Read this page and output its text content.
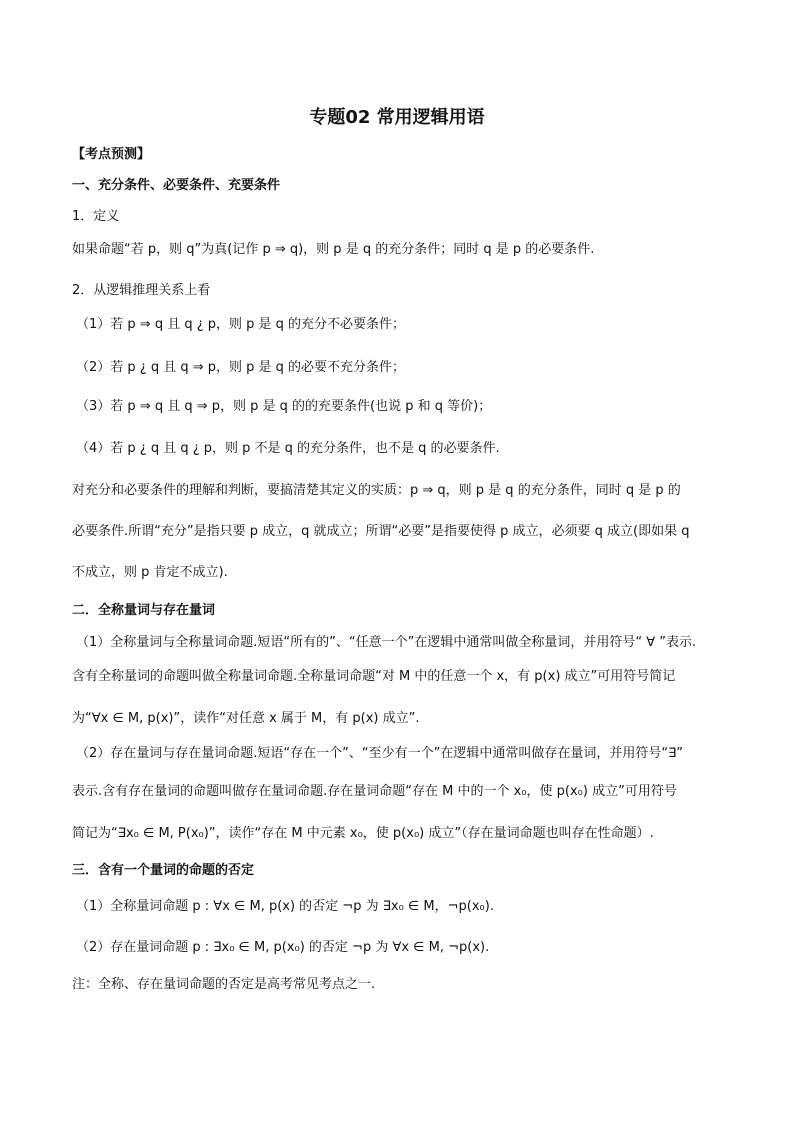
专题02 常用逻辑用语
【考点预测】
一、充分条件、必要条件、充要条件
1．定义
如果命题“若 p，则 q”为真(记作 p ⇒ q)，则 p 是 q 的充分条件；同时 q 是 p 的必要条件.
2．从逻辑推理关系上看
（1）若 p ⇒ q 且 q ¿ p，则 p 是 q 的充分不必要条件；
（2）若 p ¿ q 且 q ⇒ p，则 p 是 q 的必要不充分条件；
（3）若 p ⇒ q 且 q ⇒ p，则 p 是 q 的的充要条件(也说 p 和 q 等价)；
（4）若 p ¿ q 且 q ¿ p，则 p 不是 q 的充分条件，也不是 q 的必要条件.
对充分和必要条件的理解和判断，要搞清楚其定义的实质：p ⇒ q，则 p 是 q 的充分条件，同时 q 是 p 的
必要条件.所谓“充分”是指只要 p 成立，q 就成立；所谓“必要”是指要使得 p 成立，必须要 q 成立(即如果 q
不成立，则 p 肯定不成立).
二．全称量词与存在量词
（1）全称量词与全称量词命题.短语“所有的”、“任意一个”在逻辑中通常叫做全称量词，并用符号“ ∀ ”表示.
含有全称量词的命题叫做全称量词命题.全称量词命题“对 M 中的任意一个 x，有 p(x) 成立”可用符号简记
为“∀x ∈ M, p(x)”，读作“对任意 x 属于 M，有 p(x) 成立”.
（2）存在量词与存在量词命题.短语“存在一个”、“至少有一个”在逻辑中通常叫做存在量词，并用符号“∃”
表示.含有存在量词的命题叫做存在量词命题.存在量词命题“存在 M 中的一个 x₀，使 p(x₀) 成立”可用符号
简记为“∃x₀ ∈ M, P(x₀)”，读作“存在 M 中元素 x₀，使 p(x₀) 成立”（存在量词命题也叫存在性命题）.
三．含有一个量词的命题的否定
（1）全称量词命题 p : ∀x ∈ M, p(x) 的否定 ¬p 为 ∃x₀ ∈ M，¬p(x₀).
（2）存在量词命题 p : ∃x₀ ∈ M, p(x₀) 的否定 ¬p 为 ∀x ∈ M, ¬p(x).
注：全称、存在量词命题的否定是高考常见考点之一.
